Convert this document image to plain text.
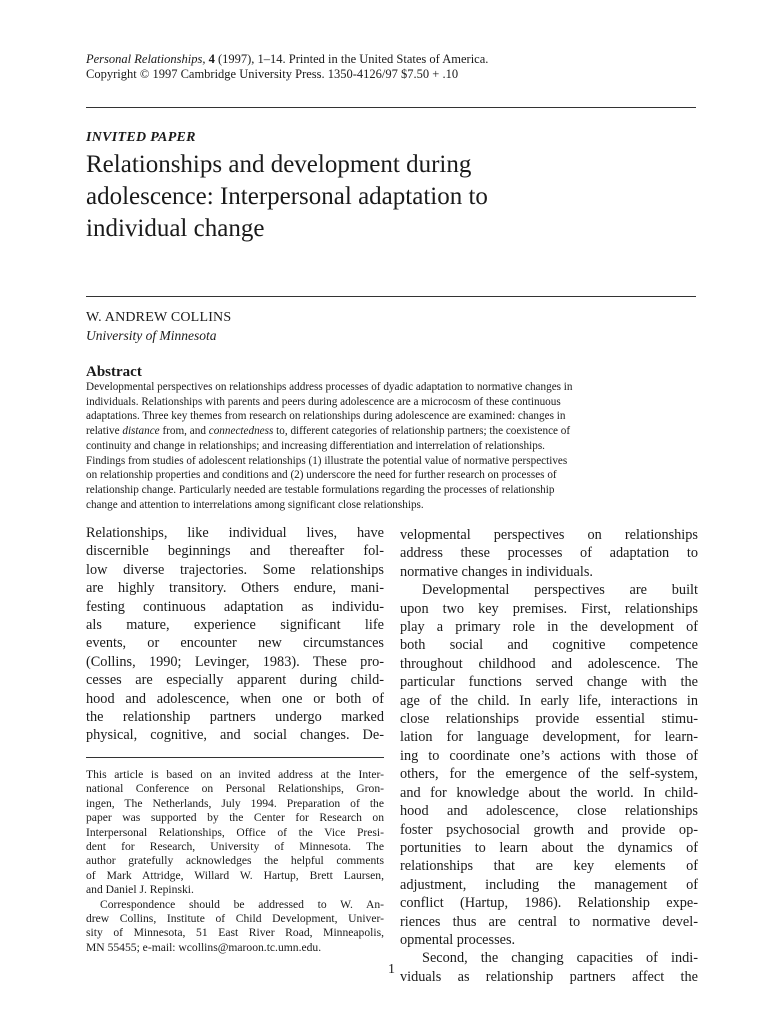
Personal Relationships, 4 (1997), 1–14. Printed in the United States of America.
Copyright © 1997 Cambridge University Press. 1350-4126/97 $7.50 + .10
INVITED PAPER
Relationships and development during
adolescence: Interpersonal adaptation to
individual change
W. ANDREW COLLINS
University of Minnesota
Abstract
Developmental perspectives on relationships address processes of dyadic adaptation to normative changes in
individuals. Relationships with parents and peers during adolescence are a microcosm of these continuous
adaptations. Three key themes from research on relationships during adolescence are examined: changes in
relative distance from, and connectedness to, different categories of relationship partners; the coexistence of
continuity and change in relationships; and increasing differentiation and interrelation of relationships.
Findings from studies of adolescent relationships (1) illustrate the potential value of normative perspectives
on relationship properties and conditions and (2) underscore the need for further research on processes of
relationship change. Particularly needed are testable formulations regarding the processes of relationship
change and attention to interrelations among significant close relationships.
Relationships, like individual lives, have
discernible beginnings and thereafter fol-
low diverse trajectories. Some relationships
are highly transitory. Others endure, mani-
festing continuous adaptation as individu-
als mature, experience significant life
events, or encounter new circumstances
(Collins, 1990; Levinger, 1983). These pro-
cesses are especially apparent during child-
hood and adolescence, when one or both of
the relationship partners undergo marked
physical, cognitive, and social changes. De-
This article is based on an invited address at the Inter-
national Conference on Personal Relationships, Gron-
ingen, The Netherlands, July 1994. Preparation of the
paper was supported by the Center for Research on
Interpersonal Relationships, Office of the Vice Presi-
dent for Research, University of Minnesota. The
author gratefully acknowledges the helpful comments
of Mark Attridge, Willard W. Hartup, Brett Laursen,
and Daniel J. Repinski.
Correspondence should be addressed to W. An-
drew Collins, Institute of Child Development, Univer-
sity of Minnesota, 51 East River Road, Minneapolis,
MN 55455; e-mail: wcollins@maroon.tc.umn.edu.
velopmental perspectives on relationships
address these processes of adaptation to
normative changes in individuals.
Developmental perspectives are built
upon two key premises. First, relationships
play a primary role in the development of
both social and cognitive competence
throughout childhood and adolescence. The
particular functions served change with the
age of the child. In early life, interactions in
close relationships provide essential stimu-
lation for language development, for learn-
ing to coordinate one’s actions with those of
others, for the emergence of the self-system,
and for knowledge about the world. In child-
hood and adolescence, close relationships
foster psychosocial growth and provide op-
portunities to learn about the dynamics of
relationships that are key elements of
adjustment, including the management of
conflict (Hartup, 1986). Relationship expe-
riences thus are central to normative devel-
opmental processes.
Second, the changing capacities of indi-
viduals as relationship partners affect the
1
